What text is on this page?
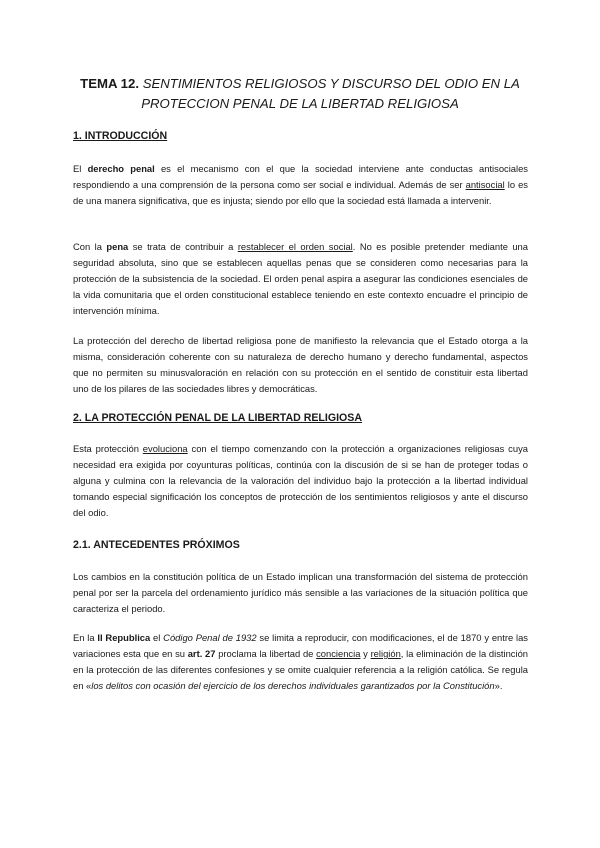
TEMA 12. SENTIMIENTOS RELIGIOSOS Y DISCURSO DEL ODIO EN LA PROTECCION PENAL DE LA LIBERTAD RELIGIOSA
1. INTRODUCCIÓN
El derecho penal es el mecanismo con el que la sociedad interviene ante conductas antisociales respondiendo a una comprensión de la persona como ser social e individual. Además de ser antisocial lo es de una manera significativa, que es injusta; siendo por ello que la sociedad está llamada a intervenir.
Con la pena se trata de contribuir a restablecer el orden social. No es posible pretender mediante una seguridad absoluta, sino que se establecen aquellas penas que se consideren como necesarias para la protección de la subsistencia de la sociedad. El orden penal aspira a asegurar las condiciones esenciales de la vida comunitaria que el orden constitucional establece teniendo en este contexto encuadre el principio de intervención mínima.
La protección del derecho de libertad religiosa pone de manifiesto la relevancia que el Estado otorga a la misma, consideración coherente con su naturaleza de derecho humano y derecho fundamental, aspectos que no permiten su minusvaloración en relación con su protección en el sentido de constituir esta libertad uno de los pilares de las sociedades libres y democráticas.
2. LA PROTECCIÓN PENAL DE LA LIBERTAD RELIGIOSA
Esta protección evoluciona con el tiempo comenzando con la protección a organizaciones religiosas cuya necesidad era exigida por coyunturas políticas, continúa con la discusión de si se han de proteger todas o alguna y culmina con la relevancia de la valoración del individuo bajo la protección a la libertad individual tomando especial significación los conceptos de protección de los sentimientos religiosos y ante el discurso del odio.
2.1. ANTECEDENTES PRÓXIMOS
Los cambios en la constitución política de un Estado implican una transformación del sistema de protección penal por ser la parcela del ordenamiento jurídico más sensible a las variaciones de la situación política que caracteriza el periodo.
En la II Republica el Código Penal de 1932 se limita a reproducir, con modificaciones, el de 1870 y entre las variaciones esta que en su art. 27 proclama la libertad de conciencia y religión, la eliminación de la distinción en la protección de las diferentes confesiones y se omite cualquier referencia a la religión católica. Se regula en «los delitos con ocasión del ejercicio de los derechos individuales garantizados por la Constitución».
